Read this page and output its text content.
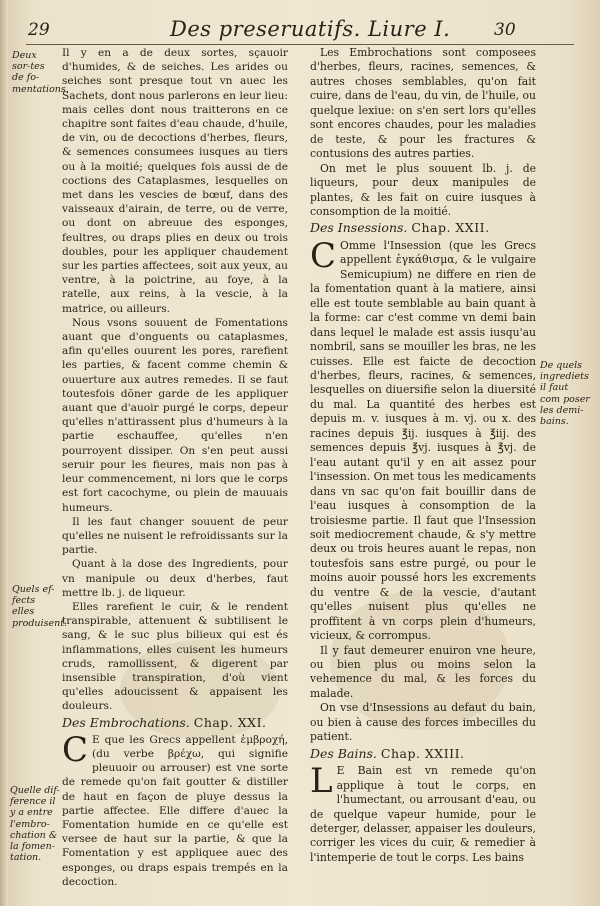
29	Des preseruatifs. Liure I.	30
Deux sor-tes de fo-mentations.
Quels ef-fects elles produisent.
Quelle dif-ference il y a entre l'embro-chation & la fomen-tation.
De quels ingrediets il faut com poser les demi-bains.

Il y en a de deux sortes, sçauoir d'humides, & de seiches. Les arides ou seiches sont presque tout vn auec les Sachets, dont nous parlerons en leur lieu: mais celles dont nous traitterons en ce chapitre sont faites d'eau chaude, d'huile, de vin, ou de decoctions d'herbes, fleurs, & semences consumees iusques au tiers ou à la moitié; quelques fois aussi de de coctions des Cataplasmes, lesquelles on met dans les vescies de bœuf, dans des vaisseaux d'airain, de terre, ou de verre, ou dont on abreuue des esponges, feultres, ou draps plies en deux ou trois doubles, pour les appliquer chaudement sur les parties affectees, soit aux yeux, au ventre, à la poictrine, au foye, à la ratelle, aux reins, à la vescie, à la matrice, ou ailleurs.

Nous vsons souuent de Fomentations auant que d'onguents ou cataplasmes, afin qu'elles ouurent les pores, rarefient les parties, & facent comme chemin & ouuerture aux autres remedes. Il se faut toutesfois dõner garde de les appliquer auant que d'auoir purgé le corps, depeur qu'elles n'attirassent plus d'humeurs à la partie eschauffee, qu'elles n'en pourroyent dissiper. On s'en peut aussi seruir pour les fieures, mais non pas à leur commencement, ni lors que le corps est fort cacochyme, ou plein de mauuais humeurs.

Il les faut changer souuent de peur qu'elles ne nuisent le refroidissants sur la partie.

Quant à la dose des Ingredients, pour vn manipule ou deux d'herbes, faut mettre lb. j. de liqueur.

Elles rarefient le cuir, & le rendent transpirable, attenuent & subtilisent le sang, & le suc plus bilieux qui est és inflammations, elles cuisent les humeurs cruds, ramollissent, & digerent par insensible transpiration, d'où vient qu'elles adoucissent & appaisent les douleurs.

Des Embrochations. Chap. XXI.

C E que les Grecs appellent ἐμβροχή, (du verbe βρέχω, qui signifie pleuuoir ou arrouser) est vne sorte de remede qu'on fait goutter & distiller de haut en façon de pluye dessus la partie affectee. Elle differe d'auec la Fomentation humide en ce qu'elle est versee de haut sur la partie, & que la Fomentation y est appliquee auec des esponges, ou draps espais trempés en la decoction.

Les Embrochations sont composees d'herbes, fleurs, racines, semences, & autres choses semblables, qu'on fait cuire, dans de l'eau, du vin, de l'huile, ou quelque lexiue: on s'en sert lors qu'elles sont encores chaudes, pour les maladies de teste, & pour les fractures & contusions des autres parties.

On met le plus souuent lb. j. de liqueurs, pour deux manipules de plantes, & les fait on cuire iusques à consomption de la moitié.

Des Insessions. Chap. XXII.

C Omme l'Insession (que les Grecs appellent ἐγκάθισμα, & le vulgaire Semicupium) ne differe en rien de la fomentation quant à la matiere, ainsi elle est toute semblable au bain quant à la forme: car c'est comme vn demi bain dans lequel le malade est assis iusqu'au nombril, sans se mouiller les bras, ne les cuisses. Elle est faicte de decoction d'herbes, fleurs, racines, & semences, lesquelles on diuersifie selon la diuersité du mal. La quantité des herbes est depuis m. v. iusques à m. vj. ou x. des racines depuis ℥ij. iusques à ℥iij. des semences depuis ℥vj. iusques à ℥vj. de l'eau autant qu'il y en ait assez pour l'insession. On met tous les medicaments dans vn sac qu'on fait bouillir dans de l'eau iusques à consomption de la troisiesme partie. Il faut que l'Insession soit mediocrement chaude, & s'y mettre deux ou trois heures auant le repas, non toutesfois sans estre purgé, ou pour le moins auoir poussé hors les excrements du ventre & de la vescie, d'autant qu'elles nuisent plus qu'elles ne proffitent à vn corps plein d'humeurs, vicieux, & corrompus.

Il y faut demeurer enuiron vne heure, ou bien plus ou moins selon la vehemence du mal, & les forces du malade.

On vse d'Insessions au defaut du bain, ou bien à cause des forces imbecilles du patient.

Des Bains. Chap. XXIII.

L E Bain est vn remede qu'on applique à tout le corps, en l'humectant, ou arrousant d'eau, ou de quelque vapeur humide, pour le deterger, delasser, appaiser les douleurs, corriger les vices du cuir, & remedier à l'intemperie de tout le corps. Les bains
